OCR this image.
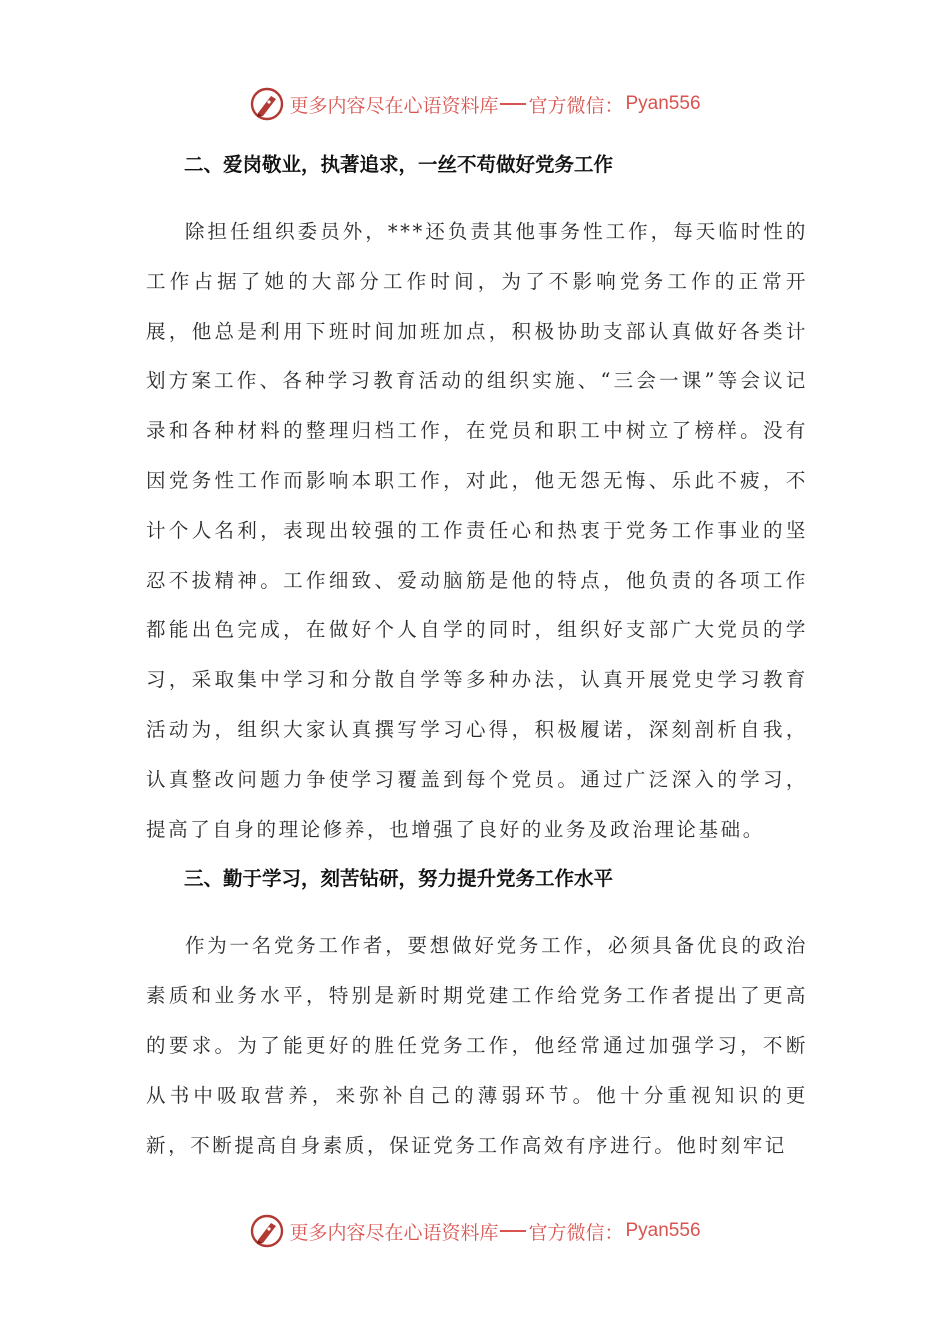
更多内容尽在心语资料库 官方微信： Pyan556
二、爱岗敬业，执著追求，一丝不苟做好党务工作

除担任组织委员外，***还负责其他事务性工作，每天临时性的工作占据了她的大部分工作时间，为了不影响党务工作的正常开展，他总是利用下班时间加班加点，积极协助支部认真做好各类计划方案工作、各种学习教育活动的组织实施、“三会一课”等会议记录和各种材料的整理归档工作，在党员和职工中树立了榜样。没有因党务性工作而影响本职工作，对此，他无怨无悔、乐此不疲，不计个人名利，表现出较强的工作责任心和热衷于党务工作事业的坚忍不拔精神。工作细致、爱动脑筋是他的特点，他负责的各项工作都能出色完成，在做好个人自学的同时，组织好支部广大党员的学习，采取集中学习和分散自学等多种办法，认真开展党史学习教育活动为，组织大家认真撰写学习心得，积极履诺，深刻剖析自我，认真整改问题力争使学习覆盖到每个党员。通过广泛深入的学习，提高了自身的理论修养，也增强了良好的业务及政治理论基础。

三、勤于学习，刻苦钻研，努力提升党务工作水平

作为一名党务工作者，要想做好党务工作，必须具备优良的政治素质和业务水平，特别是新时期党建工作给党务工作者提出了更高的要求。为了能更好的胜任党务工作，他经常通过加强学习，不断从书中吸取营养，来弥补自己的薄弱环节。他十分重视知识的更新，不断提高自身素质，保证党务工作高效有序进行。他时刻牢记

更多内容尽在心语资料库 官方微信： Pyan556
